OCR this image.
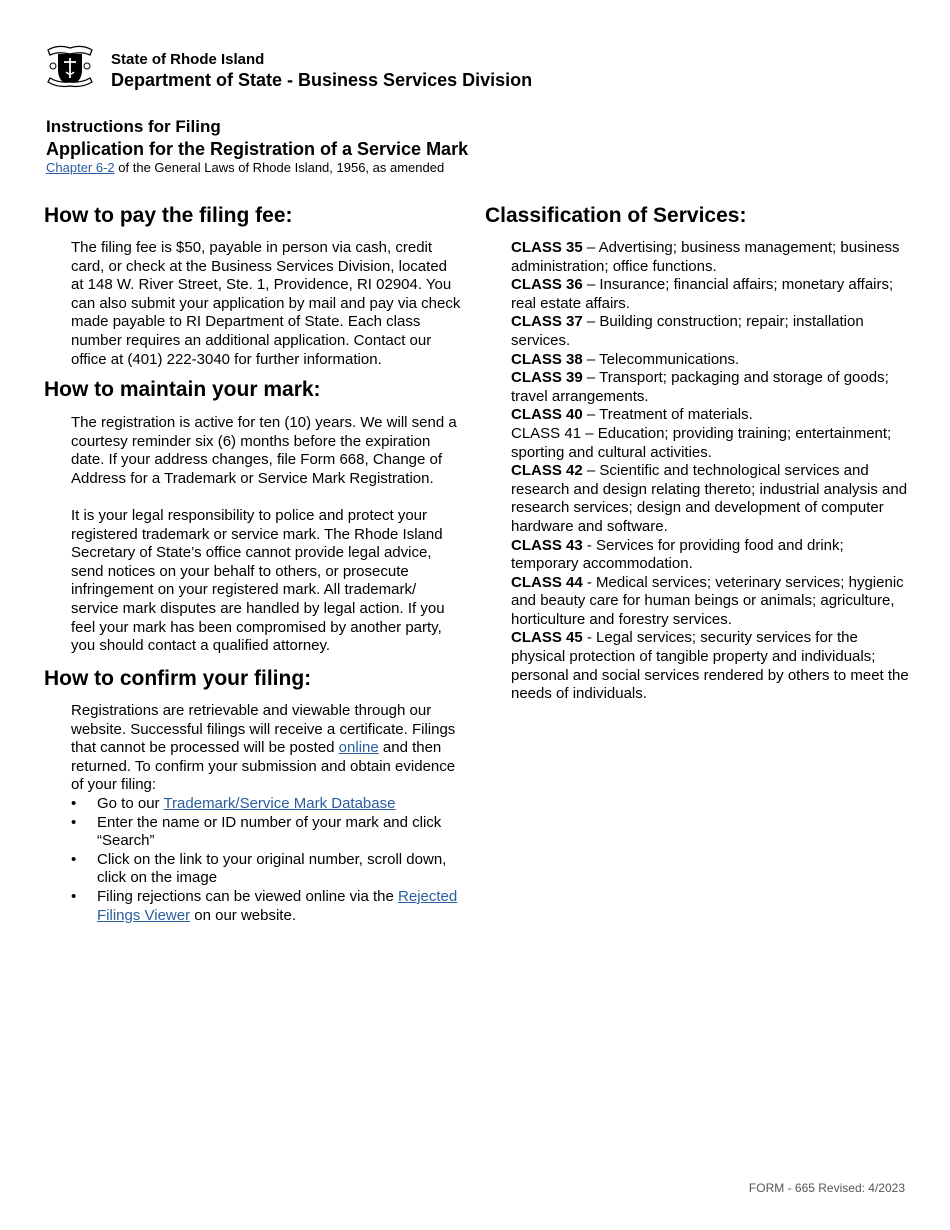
State of Rhode Island
Department of State - Business Services Division
Instructions for Filing
Application for the Registration of a Service Mark
Chapter 6-2 of the General Laws of Rhode Island, 1956, as amended
How to pay the filing fee:

The filing fee is $50, payable in person via cash, credit card, or check at the Business Services Division, located at 148 W. River Street, Ste. 1, Providence, RI 02904. You can also submit your application by mail and pay via check made payable to RI Department of State. Each class number requires an additional application. Contact our office at (401) 222-3040 for further information.

How to maintain your mark:

The registration is active for ten (10) years. We will send a courtesy reminder six (6) months before the expiration date. If your address changes, file Form 668, Change of Address for a Trademark or Service Mark Registration.

It is your legal responsibility to police and protect your registered trademark or service mark. The Rhode Island Secretary of State’s office cannot provide legal advice, send notices on your behalf to others, or prosecute infringement on your registered mark. All trademark/ service mark disputes are handled by legal action. If you feel your mark has been compromised by another party, you should contact a qualified attorney.

How to confirm your filing:

Registrations are retrievable and viewable through our website. Successful filings will receive a certificate. Filings that cannot be processed will be posted online and then returned. To confirm your submission and obtain evidence of your filing:

• Go to our Trademark/Service Mark Database
• Enter the name or ID number of your mark and click “Search”
• Click on the link to your original number, scroll down, click on the image
• Filing rejections can be viewed online via the Rejected Filings Viewer on our website.
Classification of Services:

CLASS 35 – Advertising; business management; business administration; office functions.

CLASS 36 – Insurance; financial affairs; monetary affairs; real estate affairs.

CLASS 37 – Building construction; repair; installation services.

CLASS 38 – Telecommunications.

CLASS 39 – Transport; packaging and storage of goods; travel arrangements.

CLASS 40 – Treatment of materials.

CLASS 41 – Education; providing training; entertainment; sporting and cultural activities.

CLASS 42 – Scientific and technological services and research and design relating thereto; industrial analysis and research services; design and development of computer hardware and software.

CLASS 43 - Services for providing food and drink; temporary accommodation.

CLASS 44 - Medical services; veterinary services; hygienic and beauty care for human beings or animals; agriculture, horticulture and forestry services.

CLASS 45 - Legal services; security services for the physical protection of tangible property and individuals; personal and social services rendered by others to meet the needs of individuals.

FORM - 665 Revised: 4/2023
